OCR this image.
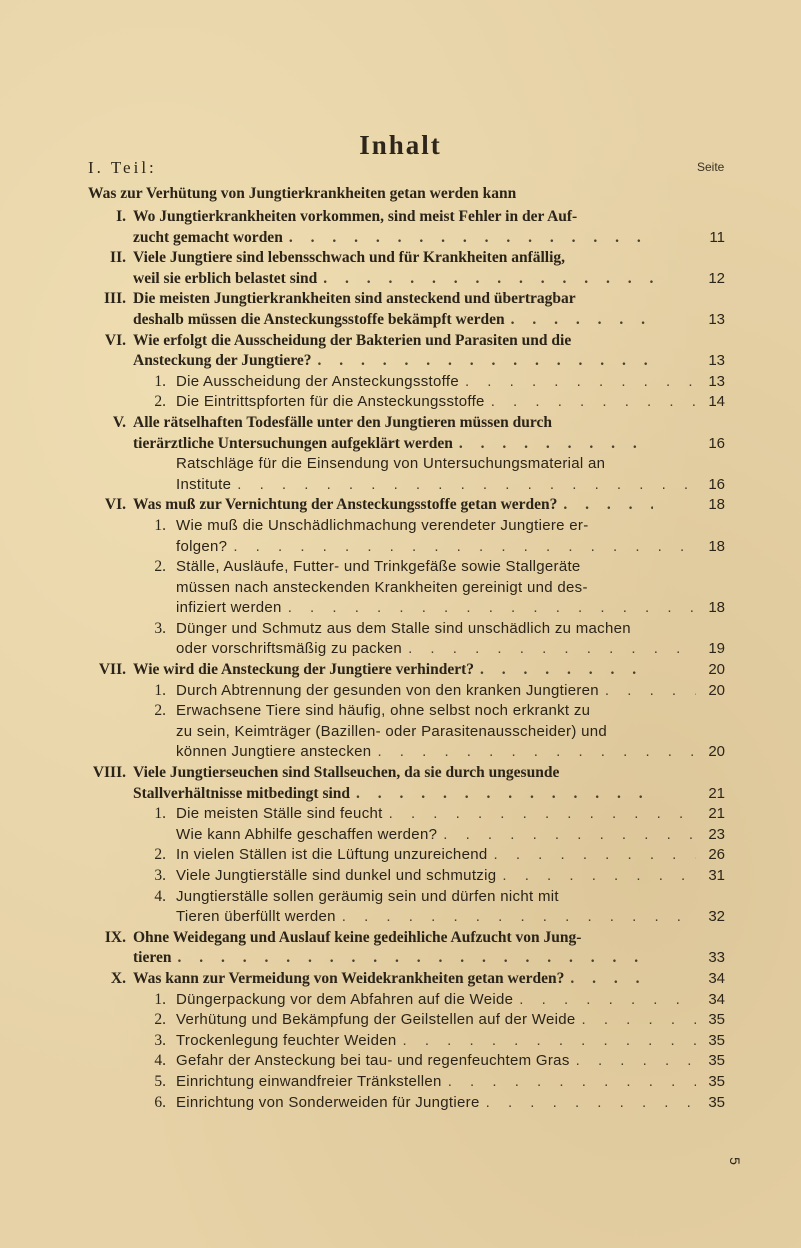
Inhalt
I. Teil:	Seite
Was zur Verhütung von Jungtierkrankheiten getan werden kann
I. Wo Jungtierkrankheiten vorkommen, sind meist Fehler in der Auf-
zucht gemacht worden . . .	11
II. Viele Jungtiere sind lebensschwach und für Krankheiten anfällig,
weil sie erblich belastet sind . . .	12
III. Die meisten Jungtierkrankheiten sind ansteckend und übertragbar
deshalb müssen die Ansteckungsstoffe bekämpft werden . . .	13
VI. Wie erfolgt die Ausscheidung der Bakterien und Parasiten und die
Ansteckung der Jungtiere? . . .	13
1. Die Ausscheidung der Ansteckungsstoffe . . .	13
2. Die Eintrittspforten für die Ansteckungsstoffe . . .	14
V. Alle rätselhaften Todesfälle unter den Jungtieren müssen durch
tierärztliche Untersuchungen aufgeklärt werden . . .	16
Ratschläge für die Einsendung von Untersuchungsmaterial an
Institute . . .	16
VI. Was muß zur Vernichtung der Ansteckungsstoffe getan werden? . . .	18
1. Wie muß die Unschädlichmachung verendeter Jungtiere er-
folgen? . . .	18
2. Ställe, Ausläufe, Futter- und Trinkgefäße sowie Stallgeräte
müssen nach ansteckenden Krankheiten gereinigt und des-
infiziert werden . . .	18
3. Dünger und Schmutz aus dem Stalle sind unschädlich zu machen
oder vorschriftsmäßig zu packen . . .	19
VII. Wie wird die Ansteckung der Jungtiere verhindert? . . .	20
1. Durch Abtrennung der gesunden von den kranken Jungtieren . . .	20
2. Erwachsene Tiere sind häufig, ohne selbst noch erkrankt zu
zu sein, Keimträger (Bazillen- oder Parasitenausscheider) und
können Jungtiere anstecken . . .	20
VIII. Viele Jungtierseuchen sind Stallseuchen, da sie durch ungesunde
Stallverhältnisse mitbedingt sind . . .	21
1. Die meisten Ställe sind feucht . . .	21
Wie kann Abhilfe geschaffen werden? . . .	23
2. In vielen Ställen ist die Lüftung unzureichend . . .	26
3. Viele Jungtierställe sind dunkel und schmutzig . . .	31
4. Jungtierställe sollen geräumig sein und dürfen nicht mit
Tieren überfüllt werden . . .	32
IX. Ohne Weidegang und Auslauf keine gedeihliche Aufzucht von Jung-
tieren . . .	33
X. Was kann zur Vermeidung von Weidekrankheiten getan werden? . . .	34
1. Düngerpackung vor dem Abfahren auf die Weide . . .	34
2. Verhütung und Bekämpfung der Geilstellen auf der Weide . . .	35
3. Trockenlegung feuchter Weiden . . .	35
4. Gefahr der Ansteckung bei tau- und regenfeuchtem Gras . . .	35
5. Einrichtung einwandfreier Tränkstellen . . .	35
6. Einrichtung von Sonderweiden für Jungtiere . . .	35
5
